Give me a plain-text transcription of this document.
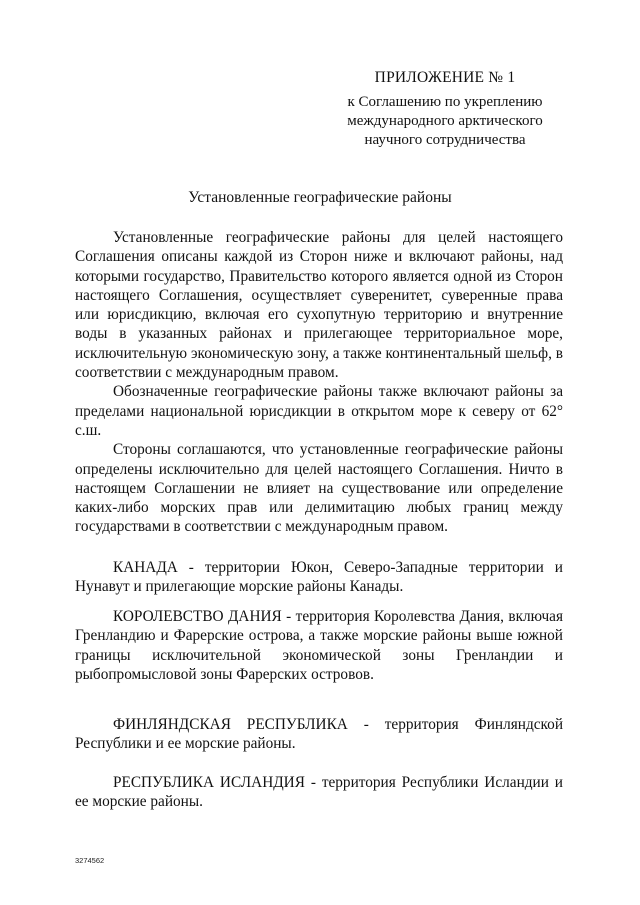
ПРИЛОЖЕНИЕ № 1
к Соглашению по укреплению
международного арктического
научного сотрудничества
Установленные географические районы

Установленные географические районы для целей настоящего Соглашения описаны каждой из Сторон ниже и включают районы, над которыми государство, Правительство которого является одной из Сторон настоящего Соглашения, осуществляет суверенитет, суверенные права или юрисдикцию, включая его сухопутную территорию и внутренние воды в указанных районах и прилегающее территориальное море, исключительную экономическую зону, а также континентальный шельф, в соответствии с международным правом.

Обозначенные географические районы также включают районы за пределами национальной юрисдикции в открытом море к северу от 62° с.ш.

Стороны соглашаются, что установленные географические районы определены исключительно для целей настоящего Соглашения. Ничто в настоящем Соглашении не влияет на существование или определение каких-либо морских прав или делимитацию любых границ между государствами в соответствии с международным правом.

КАНАДА - территории Юкон, Северо-Западные территории и Нунавут и прилегающие морские районы Канады.

КОРОЛЕВСТВО ДАНИЯ - территория Королевства Дания, включая Гренландию и Фарерские острова, а также морские районы выше южной границы исключительной экономической зоны Гренландии и рыбопромысловой зоны Фарерских островов.

ФИНЛЯНДСКАЯ РЕСПУБЛИКА - территория Финляндской Республики и ее морские районы.

РЕСПУБЛИКА ИСЛАНДИЯ - территория Республики Исландии и ее морские районы.

3274562
